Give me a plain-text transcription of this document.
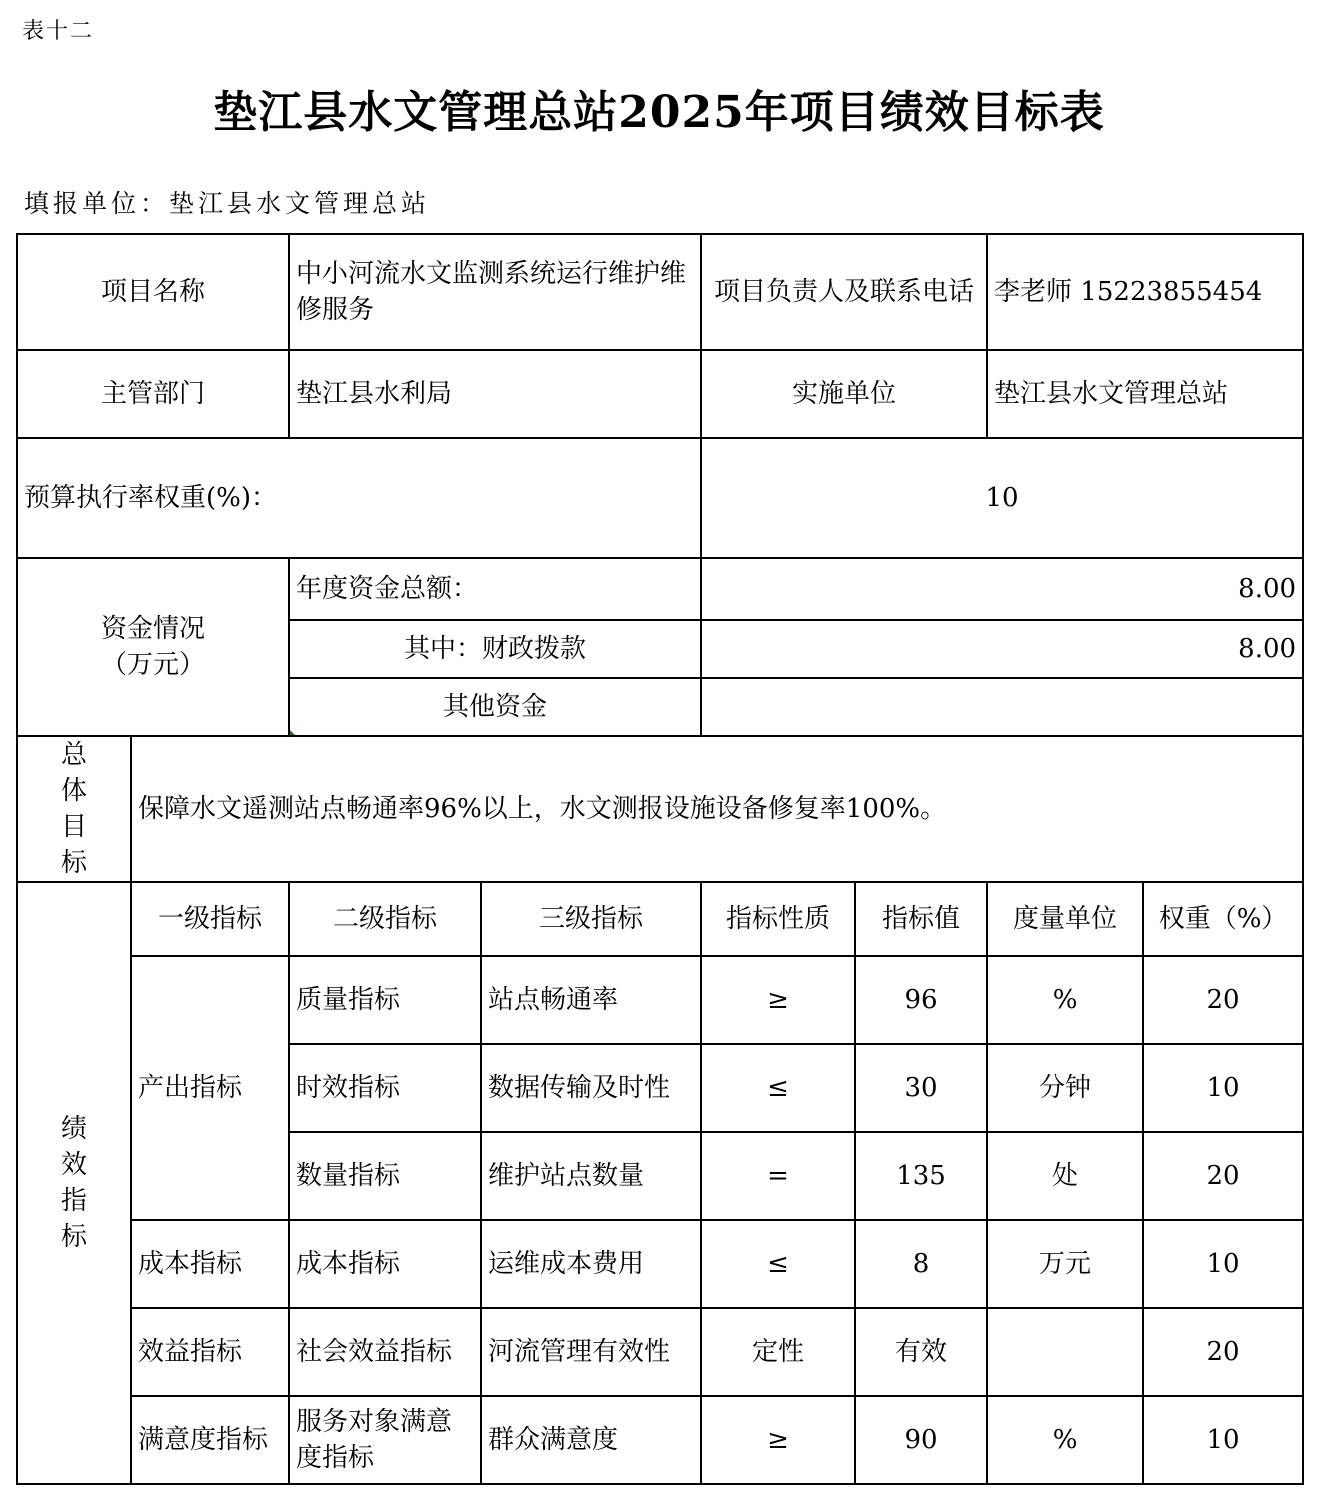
表十二
垫江县水文管理总站2025年项目绩效目标表
填报单位：垫江县水文管理总站
项目名称		中小河流水文监测系统运行维护维修服务		项目负责人及联系电话		李老师 15223855454	
主管部门		垫江县水利局		实施单位		垫江县水文管理总站	
预算执行率权重(%)：				10			
资金情况
（万元）		年度资金总额：		8.00			
		其中：财政拨款		8.00			
		其他资金					

总
体
目
标	保障水文遥测站点畅通率96%以上，水文测报设施设备修复率100%。						

绩
效
指
标	一级指标	二级指标	三级指标	指标性质	指标值	度量单位	权重（%）
	产出指标	质量指标	站点畅通率	≥	96	%	20
		时效指标	数据传输及时性	≤	30	分钟	10
		数量指标	维护站点数量	=	135	处	20
	成本指标	成本指标	运维成本费用	≤	8	万元	10
	效益指标	社会效益指标	河流管理有效性	定性	有效		20
	满意度指标	服务对象满意度指标	群众满意度	≥	90	%	10
